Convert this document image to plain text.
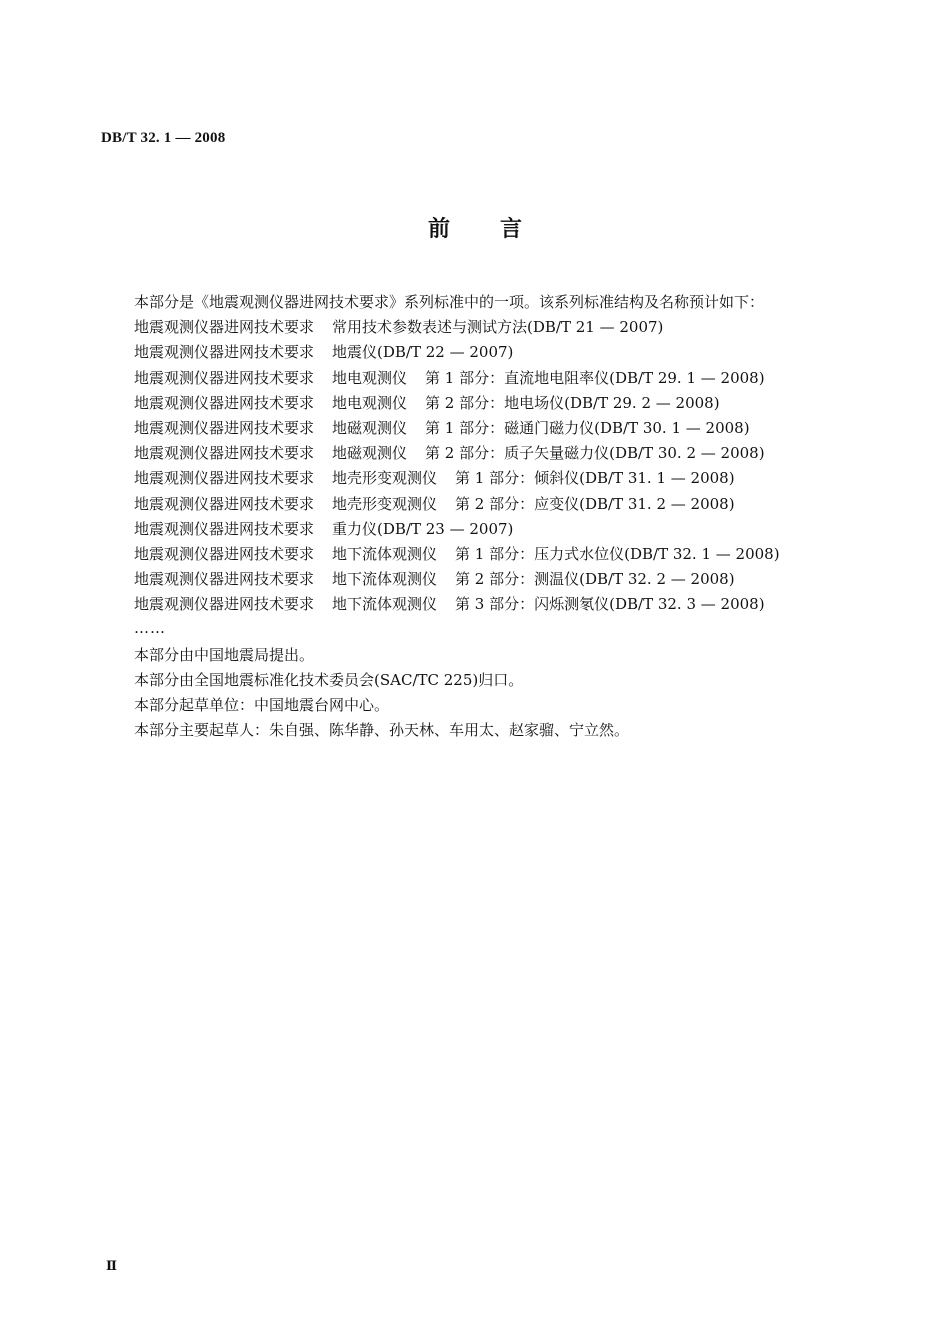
DB/T 32. 1 — 2008
前 言
本部分是《地震观测仪器进网技术要求》系列标准中的一项。该系列标准结构及名称预计如下：
地震观测仪器进网技术要求 常用技术参数表述与测试方法(DB/T 21 — 2007)
地震观测仪器进网技术要求 地震仪(DB/T 22 — 2007)
地震观测仪器进网技术要求 地电观测仪 第 1 部分：直流地电阻率仪(DB/T 29. 1 — 2008)
地震观测仪器进网技术要求 地电观测仪 第 2 部分：地电场仪(DB/T 29. 2 — 2008)
地震观测仪器进网技术要求 地磁观测仪 第 1 部分：磁通门磁力仪(DB/T 30. 1 — 2008)
地震观测仪器进网技术要求 地磁观测仪 第 2 部分：质子矢量磁力仪(DB/T 30. 2 — 2008)
地震观测仪器进网技术要求 地壳形变观测仪 第 1 部分：倾斜仪(DB/T 31. 1 — 2008)
地震观测仪器进网技术要求 地壳形变观测仪 第 2 部分：应变仪(DB/T 31. 2 — 2008)
地震观测仪器进网技术要求 重力仪(DB/T 23 — 2007)
地震观测仪器进网技术要求 地下流体观测仪 第 1 部分：压力式水位仪(DB/T 32. 1 — 2008)
地震观测仪器进网技术要求 地下流体观测仪 第 2 部分：测温仪(DB/T 32. 2 — 2008)
地震观测仪器进网技术要求 地下流体观测仪 第 3 部分：闪烁测氡仪(DB/T 32. 3 — 2008)
……
本部分由中国地震局提出。
本部分由全国地震标准化技术委员会(SAC/TC 225)归口。
本部分起草单位：中国地震台网中心。
本部分主要起草人：朱自强、陈华静、孙天林、车用太、赵家骝、宁立然。
Ⅱ
